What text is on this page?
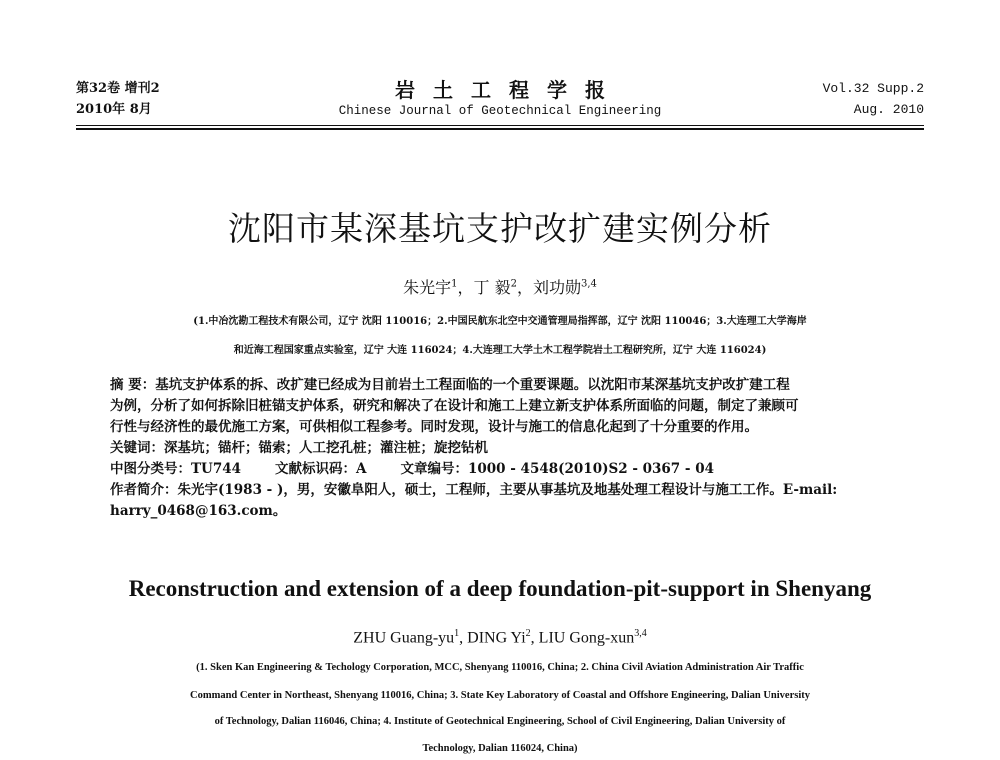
第32卷 增刊2
2010年 8月
岩土工程学报
Chinese Journal of Geotechnical Engineering
Vol.32 Supp.2
Aug. 2010
沈阳市某深基坑支护改扩建实例分析
朱光宇$^1$，丁 毅$^2$，刘功勋$^{3,4}$
(1.中冶沈勘工程技术有限公司，辽宁 沈阳 110016；2.中国民航东北空中交通管理局指挥部，辽宁 沈阳 110046；3.大连理工大学海岸
和近海工程国家重点实验室，辽宁 大连 116024；4.大连理工大学土木工程学院岩土工程研究所，辽宁 大连 116024)
摘 要：基坑支护体系的拆、改扩建已经成为目前岩土工程面临的一个重要课题。以沈阳市某深基坑支护改扩建工程
为例，分析了如何拆除旧桩锚支护体系，研究和解决了在设计和施工上建立新支护体系所面临的问题，制定了兼顾可
行性与经济性的最优施工方案，可供相似工程参考。同时发现，设计与施工的信息化起到了十分重要的作用。
关键词：深基坑；锚杆；锚索；人工挖孔桩；灌注桩；旋挖钻机
中图分类号：TU744	文献标识码：A	文章编号：1000 - 4548(2010)S2 - 0367 - 04
作者简介：朱光宇(1983 - )，男，安徽阜阳人，硕士，工程师，主要从事基坑及地基处理工程设计与施工工作。E-mail:
harry_0468@163.com。
Reconstruction and extension of a deep foundation-pit-support in Shenyang
ZHU Guang-$yu^1$, DING Yi$^2$, LIU Gong-xun$^{3,4}$
(1. Sken Kan Engineering & Techology Corporation, MCC, Shenyang 110016, China; 2. China Civil Aviation Administration Air Traffic
Command Center in Northeast, Shenyang 110016, China; 3. State Key Laboratory of Coastal and Offshore Engineering, Dalian University
of Technology, Dalian 116046, China; 4. Institute of Geotechnical Engineering, School of Civil Engineering, Dalian University of
Technology, Dalian 116024, China)
